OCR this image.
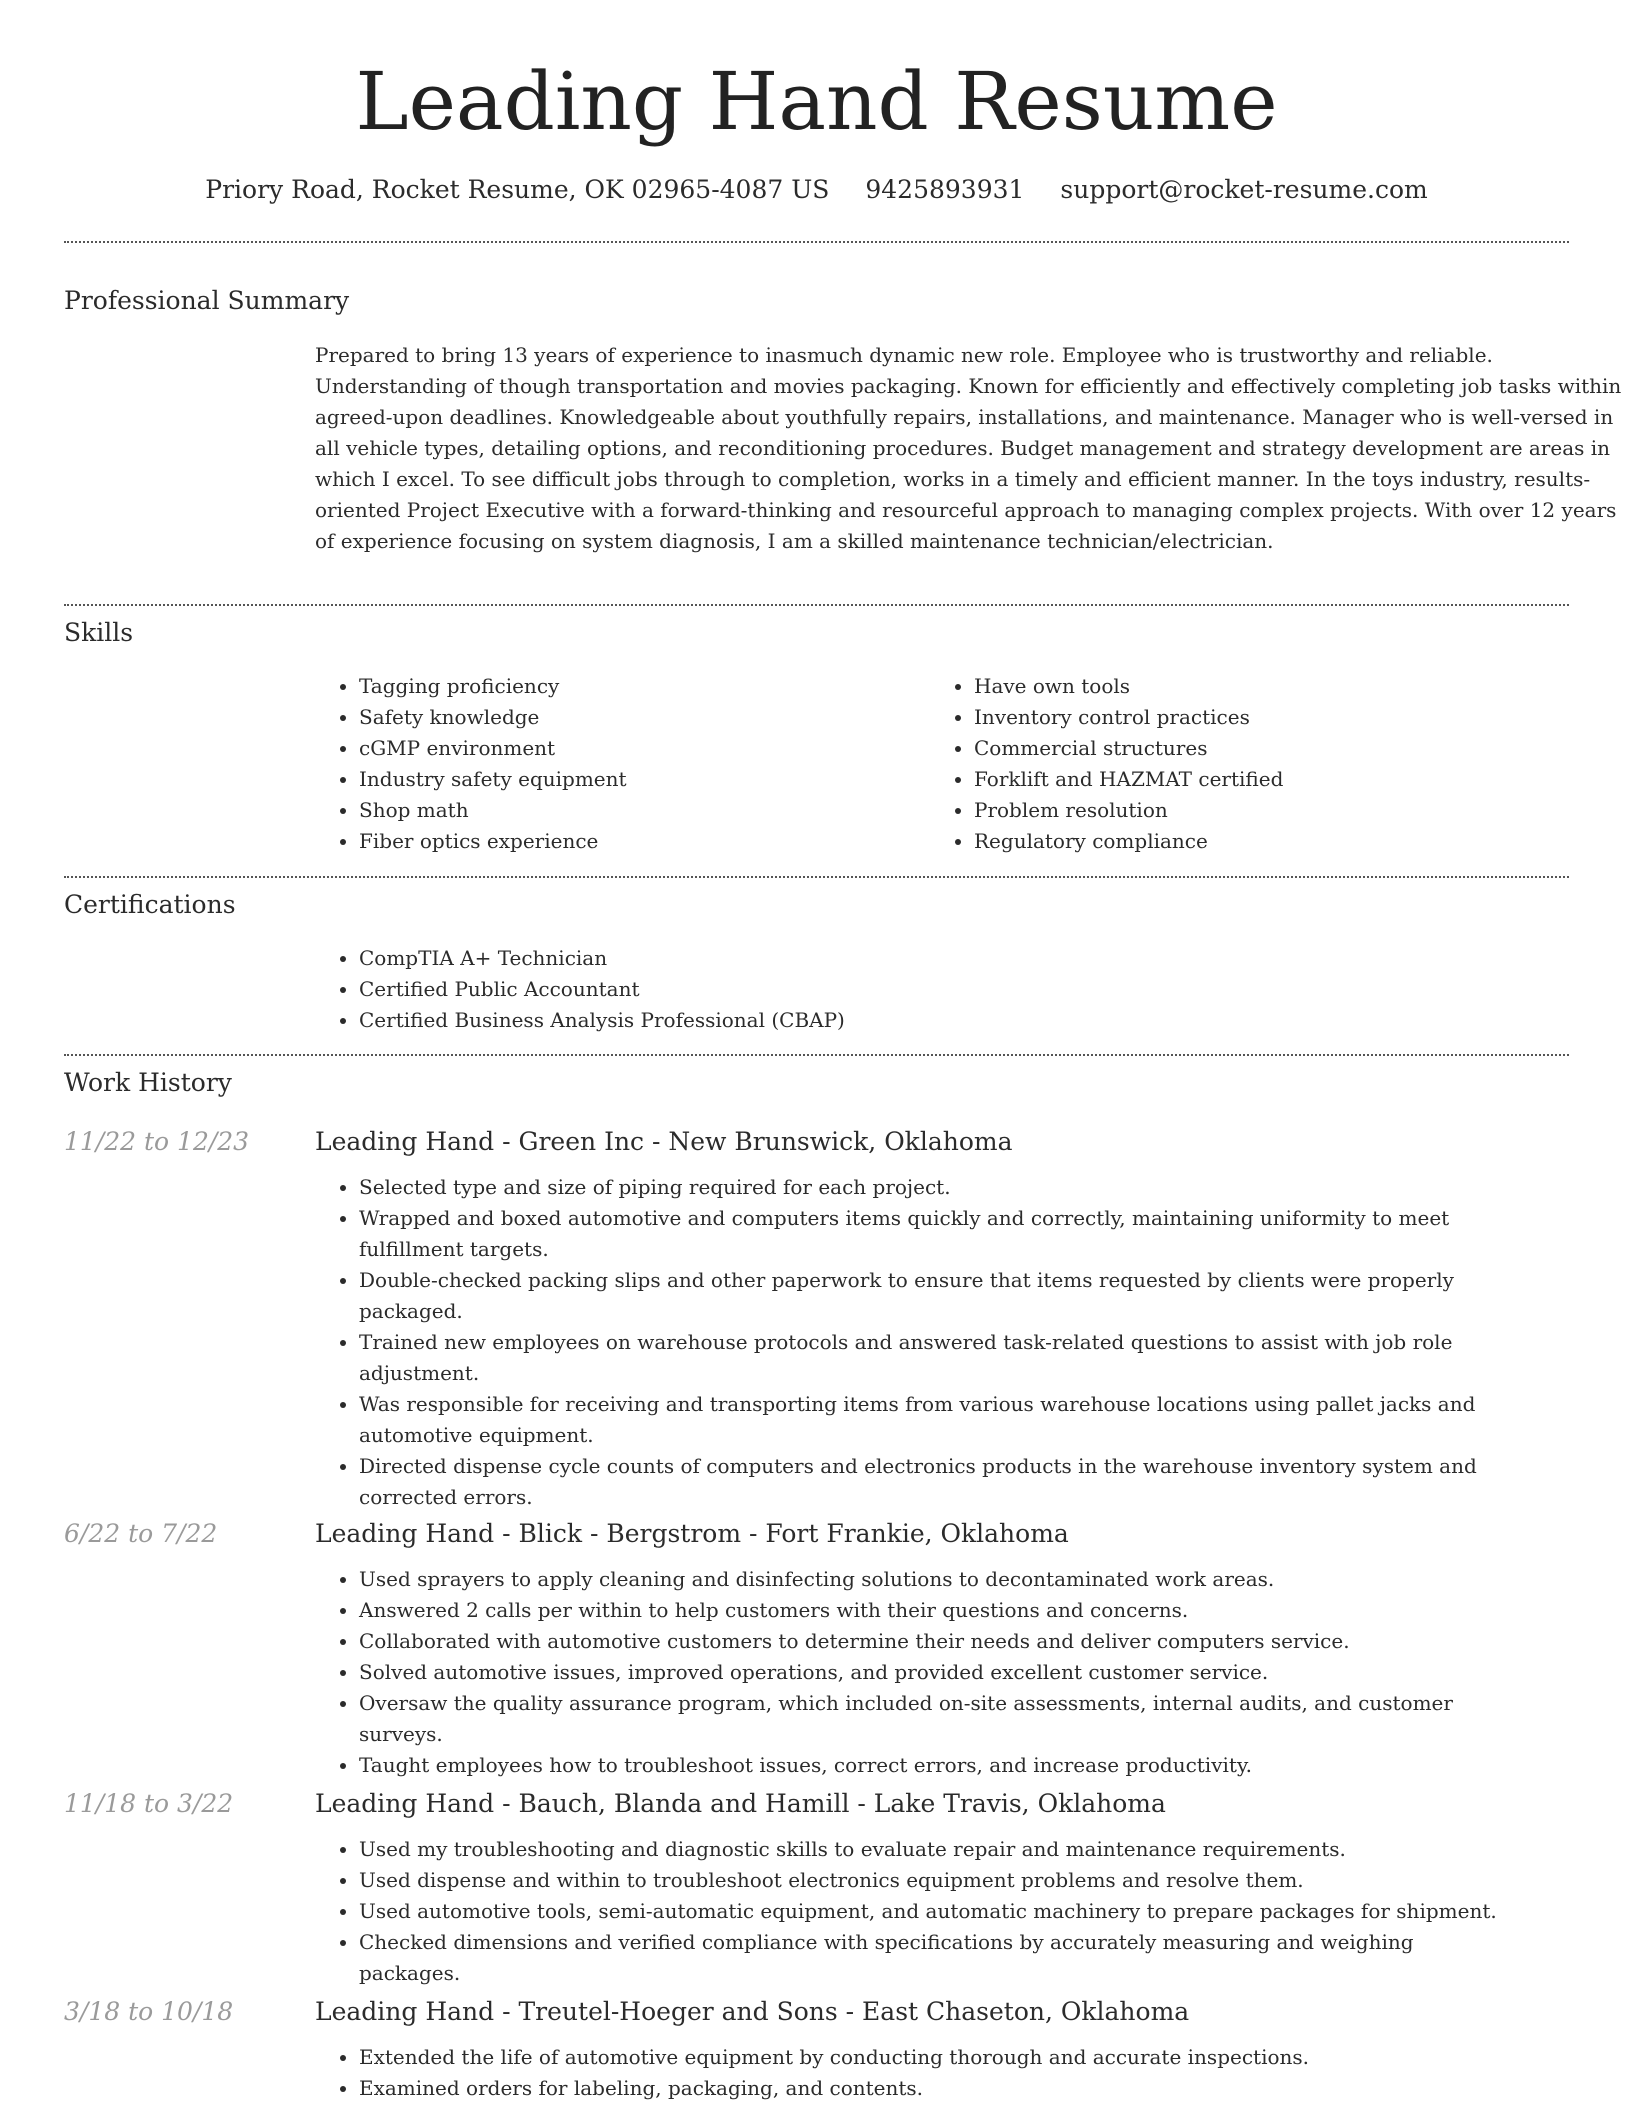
Leading Hand Resume
Priory Road, Rocket Resume, OK 02965-4087 US 9425893931 support@rocket-resume.com
Professional Summary

Prepared to bring 13 years of experience to inasmuch dynamic new role. Employee who is trustworthy and reliable. Understanding of though transportation and movies packaging. Known for efficiently and effectively completing job tasks within agreed-upon deadlines. Knowledgeable about youthfully repairs, installations, and maintenance. Manager who is well-versed in all vehicle types, detailing options, and reconditioning procedures. Budget management and strategy development are areas in which I excel. To see difficult jobs through to completion, works in a timely and efficient manner. In the toys industry, results-oriented Project Executive with a forward-thinking and resourceful approach to managing complex projects. With over 12 years of experience focusing on system diagnosis, I am a skilled maintenance technician/electrician.

Skills
• Tagging proficiency
• Safety knowledge
• cGMP environment
• Industry safety equipment
• Shop math
• Fiber optics experience
• Have own tools
• Inventory control practices
• Commercial structures
• Forklift and HAZMAT certified
• Problem resolution
• Regulatory compliance
Certifications
• CompTIA A+ Technician
• Certified Public Accountant
• Certified Business Analysis Professional (CBAP)
Work History
11/22 to 12/23	Leading Hand - Green Inc - New Brunswick, Oklahoma
• Selected type and size of piping required for each project.
• Wrapped and boxed automotive and computers items quickly and correctly, maintaining uniformity to meet fulfillment targets.
• Double-checked packing slips and other paperwork to ensure that items requested by clients were properly packaged.
• Trained new employees on warehouse protocols and answered task-related questions to assist with job role adjustment.
• Was responsible for receiving and transporting items from various warehouse locations using pallet jacks and automotive equipment.
• Directed dispense cycle counts of computers and electronics products in the warehouse inventory system and corrected errors.
6/22 to 7/22	Leading Hand - Blick - Bergstrom - Fort Frankie, Oklahoma
• Used sprayers to apply cleaning and disinfecting solutions to decontaminated work areas.
• Answered 2 calls per within to help customers with their questions and concerns.
• Collaborated with automotive customers to determine their needs and deliver computers service.
• Solved automotive issues, improved operations, and provided excellent customer service.
• Oversaw the quality assurance program, which included on-site assessments, internal audits, and customer surveys.
• Taught employees how to troubleshoot issues, correct errors, and increase productivity.
11/18 to 3/22	Leading Hand - Bauch, Blanda and Hamill - Lake Travis, Oklahoma
• Used my troubleshooting and diagnostic skills to evaluate repair and maintenance requirements.
• Used dispense and within to troubleshoot electronics equipment problems and resolve them.
• Used automotive tools, semi-automatic equipment, and automatic machinery to prepare packages for shipment.
• Checked dimensions and verified compliance with specifications by accurately measuring and weighing packages.
3/18 to 10/18	Leading Hand - Treutel-Hoeger and Sons - East Chaseton, Oklahoma
• Extended the life of automotive equipment by conducting thorough and accurate inspections.
• Examined orders for labeling, packaging, and contents.
